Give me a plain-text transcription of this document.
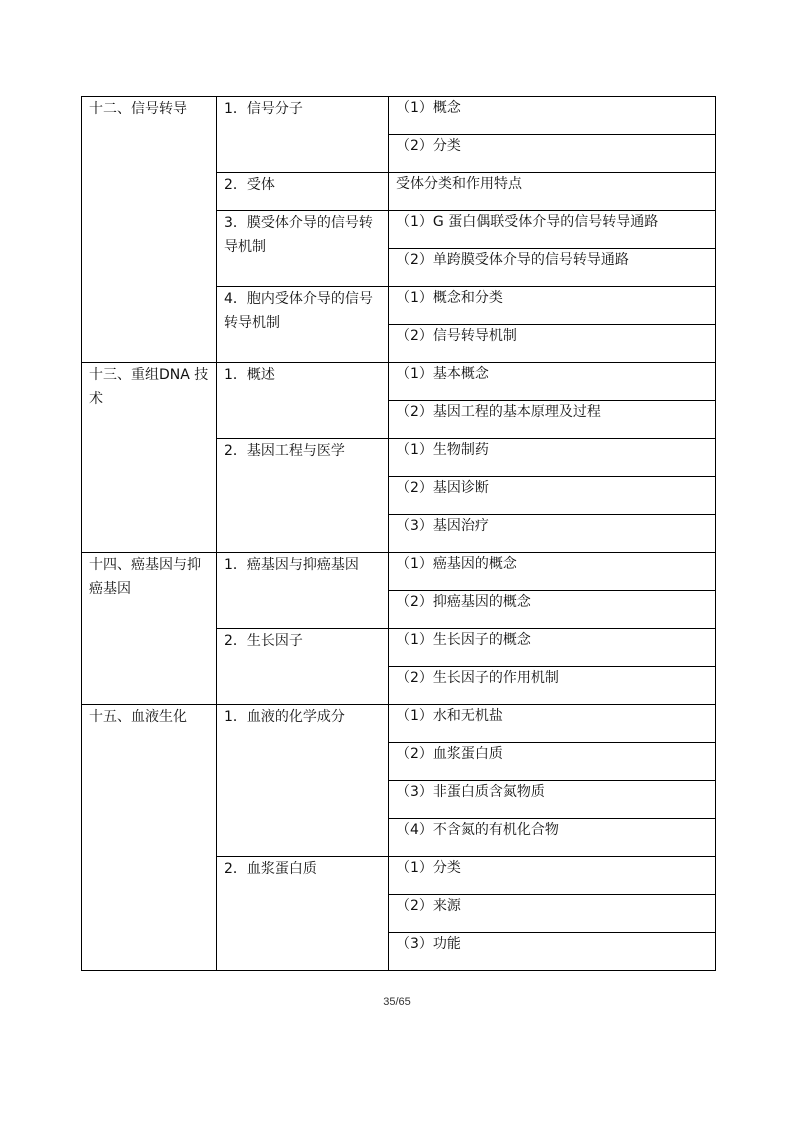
十二、信号转导	1．信号分子	（1）概念

		（2）分类

	2．受体	受体分类和作用特点

	3．膜受体介导的信号转导机制	（1）G 蛋白偶联受体介导的信号转导通路

		（2）单跨膜受体介导的信号转导通路

	4．胞内受体介导的信号转导机制	（1）概念和分类

		（2）信号转导机制

十三、重组DNA 技术	1．概述	（1）基本概念

		（2）基因工程的基本原理及过程

	2．基因工程与医学	（1）生物制药

		（2）基因诊断

		（3）基因治疗

十四、癌基因与抑癌基因	1．癌基因与抑癌基因	（1）癌基因的概念

		（2）抑癌基因的概念

	2．生长因子	（1）生长因子的概念

		（2）生长因子的作用机制

十五、血液生化	1．血液的化学成分	（1）水和无机盐

		（2）血浆蛋白质

		（3）非蛋白质含氮物质

		（4）不含氮的有机化合物

	2．血浆蛋白质	（1）分类

		（2）来源

		（3）功能
35/65
